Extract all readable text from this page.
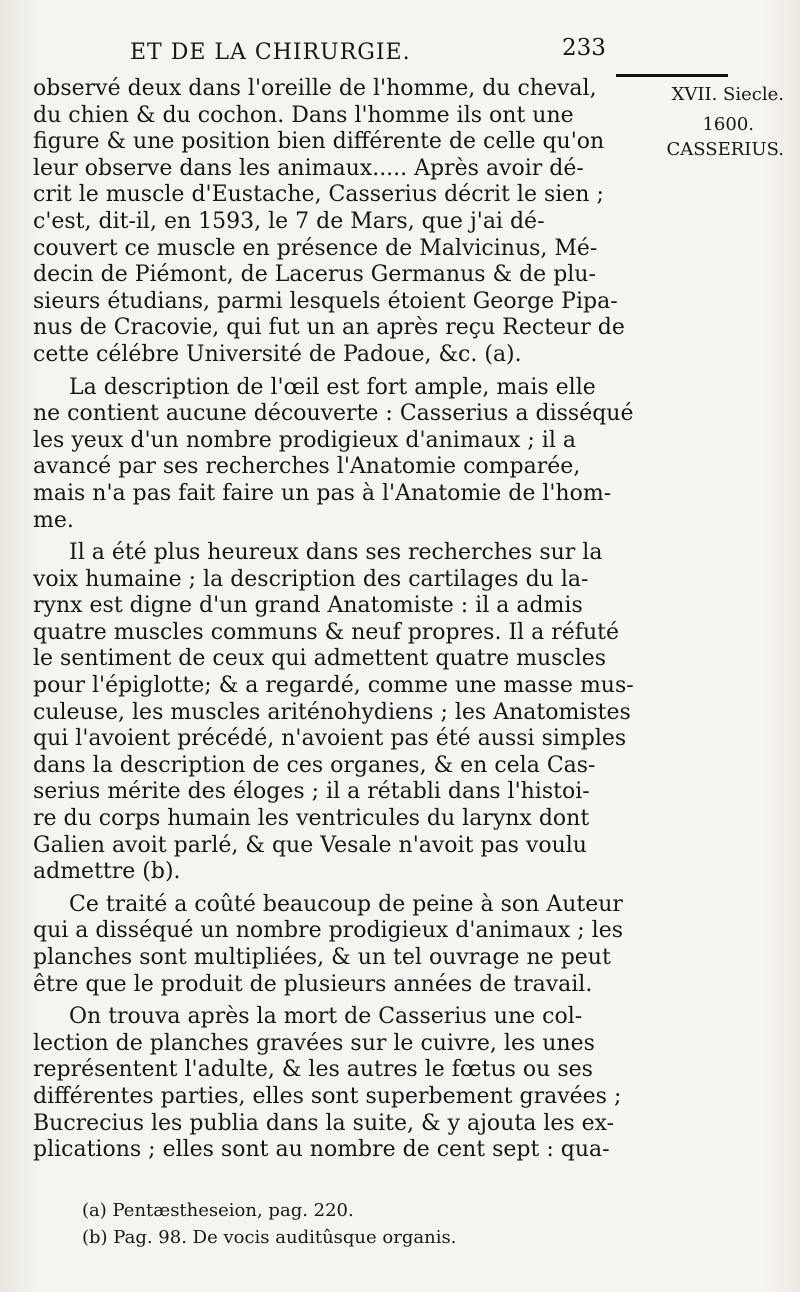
ET DE LA CHIRURGIE.	233
XVII. Siecle.
1600.
CASSERIUS.
observé deux dans l'oreille de l'homme, du cheval,
du chien & du cochon. Dans l'homme ils ont une
figure & une position bien différente de celle qu'on
leur observe dans les animaux..... Après avoir dé-
crit le muscle d'Eustache, Casserius décrit le sien ;
c'est, dit-il, en 1593, le 7 de Mars, que j'ai dé-
couvert ce muscle en présence de Malvicinus, Mé-
decin de Piémont, de Lacerus Germanus & de plu-
sieurs étudians, parmi lesquels étoient George Pipa-
nus de Cracovie, qui fut un an après reçu Recteur de
cette célébre Université de Padoue, &c. (a).
La description de l'œil est fort ample, mais elle
ne contient aucune découverte : Casserius a disséqué
les yeux d'un nombre prodigieux d'animaux ; il a
avancé par ses recherches l'Anatomie comparée,
mais n'a pas fait faire un pas à l'Anatomie de l'hom-
me.
Il a été plus heureux dans ses recherches sur la
voix humaine ; la description des cartilages du la-
rynx est digne d'un grand Anatomiste : il a admis
quatre muscles communs & neuf propres. Il a réfuté
le sentiment de ceux qui admettent quatre muscles
pour l'épiglotte; & a regardé, comme une masse mus-
culeuse, les muscles ariténohydiens ; les Anatomistes
qui l'avoient précédé, n'avoient pas été aussi simples
dans la description de ces organes, & en cela Cas-
serius mérite des éloges ; il a rétabli dans l'histoi-
re du corps humain les ventricules du larynx dont
Galien avoit parlé, & que Vesale n'avoit pas voulu
admettre (b).
Ce traité a coûté beaucoup de peine à son Auteur
qui a disséqué un nombre prodigieux d'animaux ; les
planches sont multipliées, & un tel ouvrage ne peut
être que le produit de plusieurs années de travail.
On trouva après la mort de Casserius une col-
lection de planches gravées sur le cuivre, les unes
représentent l'adulte, & les autres le fœtus ou ses
différentes parties, elles sont superbement gravées ;
Bucrecius les publia dans la suite, & y ajouta les ex-
plications ; elles sont au nombre de cent sept : qua-
(a) Pentæstheseion, pag. 220.
(b) Pag. 98. De vocis auditûsque organis.
